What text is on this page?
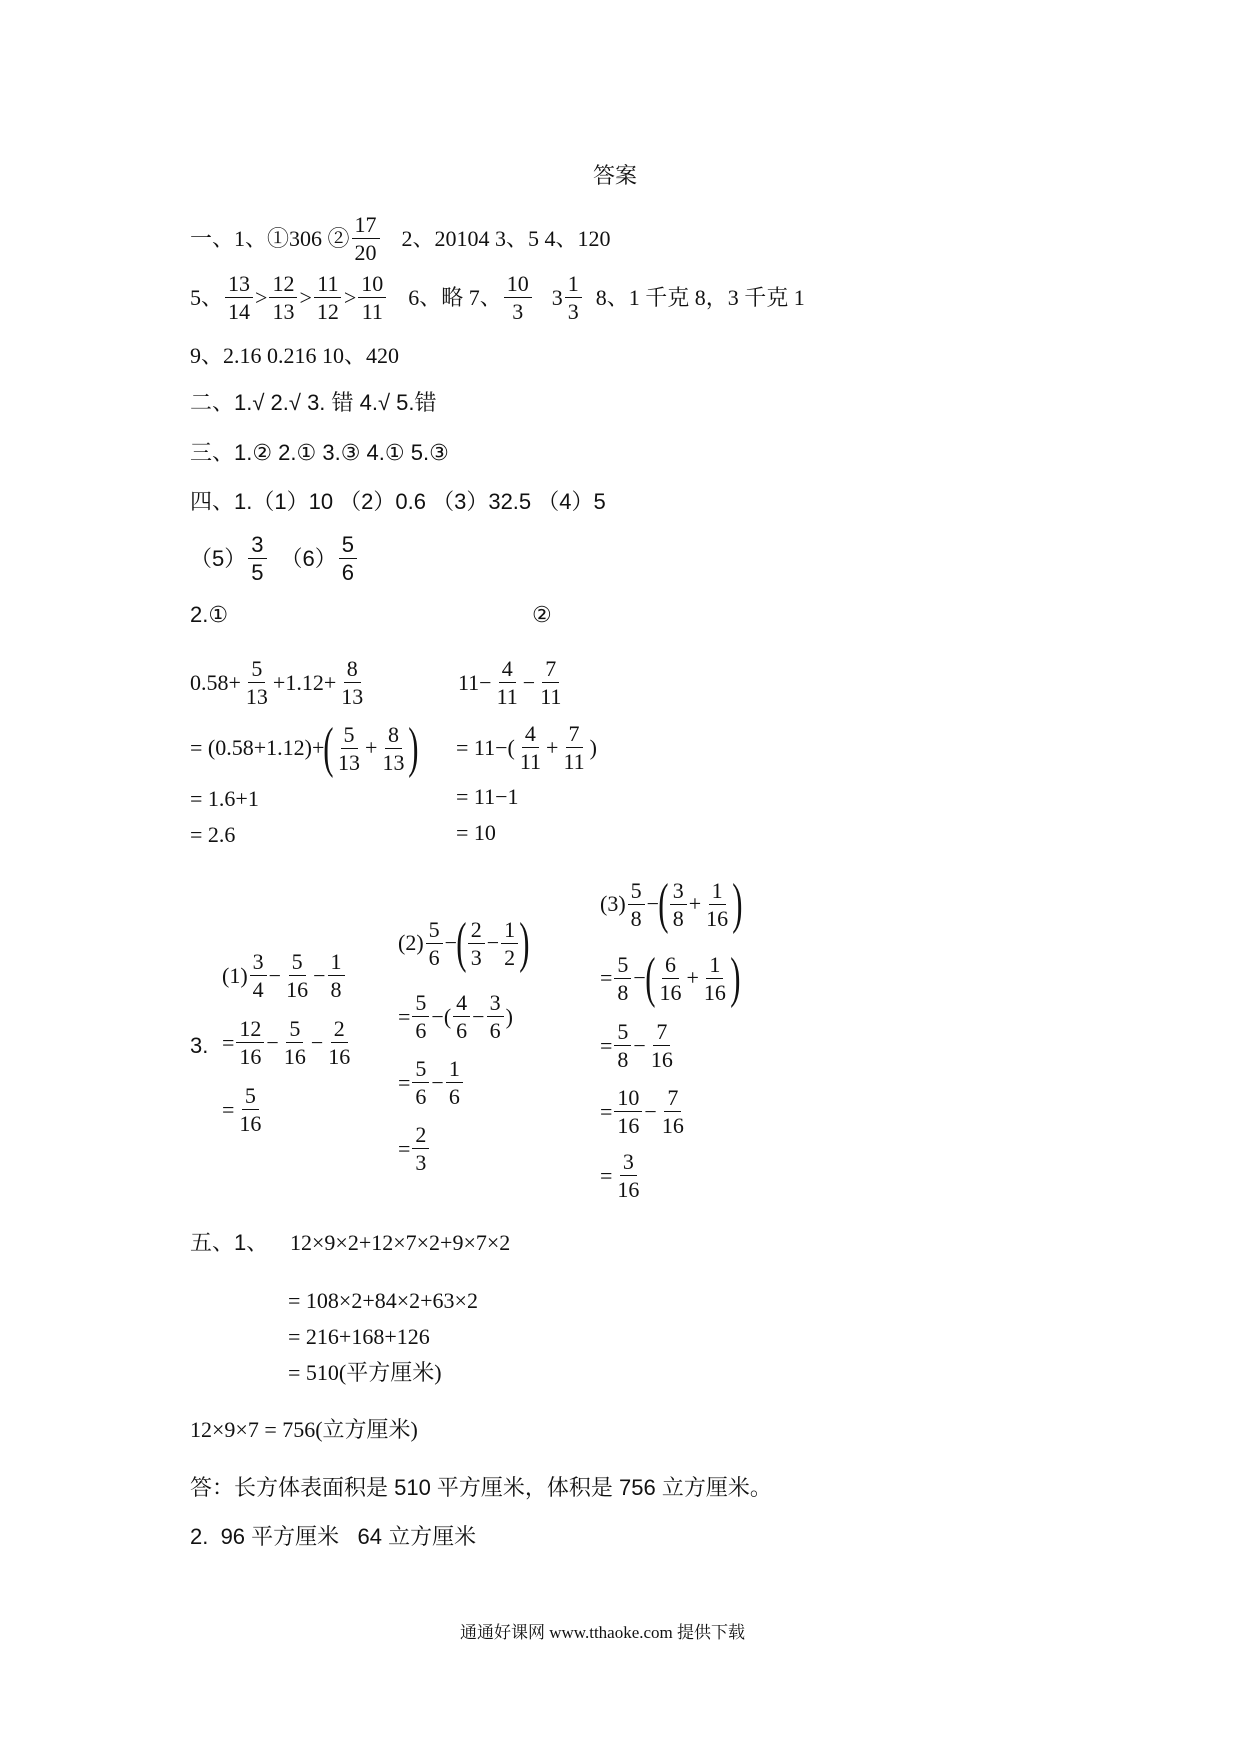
答案
一、1、①306 ② $\frac{17}{20} 2$、20104 3、5 4、120
5、 $\frac{13}{14} > \frac{12}{13} > \frac{11}{12} > \frac{10}{11} 6$、略 7、 $\frac{10}{3} 3 \frac{1}{3} 8$、1 千克 8，3 千克 1
9、2.16 0.216 10、420
二、1.√ 2.√ 3. 错 4.√ 5.错
三、1.② 2.① 3.③ 4.① 5.③
四、1.（1）10 （2）0.6 （3）32.5 （4）5
$(5) \frac{3}{5} (6) \frac{5}{6}$
2.①	②
$0.58+ \frac{5}{13} +1.12+ \frac{8}{13}$
= (0.58+1.12)+ ( $\frac{5}{13} + \frac{8}{13}$ )
= 1.6+1
= 2.6
$11- \frac{4}{11} - \frac{7}{11}$
= $11-( \frac{4}{11} + \frac{7}{11}$ )
= 11−1
= 10
3.
$(1) \frac{3}{4} - \frac{5}{16} - \frac{1}{8}$
= $\frac{12}{16} - \frac{5}{16} - \frac{2}{16}$
= $\frac{5}{16}$
$(2) \frac{5}{6}$ − ( $\frac{2}{3} - \frac{1}{2}$ )
= $\frac{5}{6}$ −( $\frac{4}{6} - \frac{3}{6}$ )
= $\frac{5}{6} - \frac{1}{6}$
= $\frac{2}{3}$
$(3) \frac{5}{8}$ − ( $\frac{3}{8} + \frac{1}{16}$ )
= $\frac{5}{8}$ − ( $\frac{6}{16} + \frac{1}{16}$ )
= $\frac{5}{8} - \frac{7}{16}$
= $\frac{10}{16} - \frac{7}{16}$
= $\frac{3}{16}$
五、1、 12×9×2+12×7×2+9×7×2
= 108×2+84×2+63×2
= 216+168+126
= 510(平方厘米)
12×9×7 = 756(立方厘米)
答：长方体表面积是 510 平方厘米，体积是 756 立方厘米。
2.  96 平方厘米   64 立方厘米
通通好课网 www.tthaoke.com 提供下载
